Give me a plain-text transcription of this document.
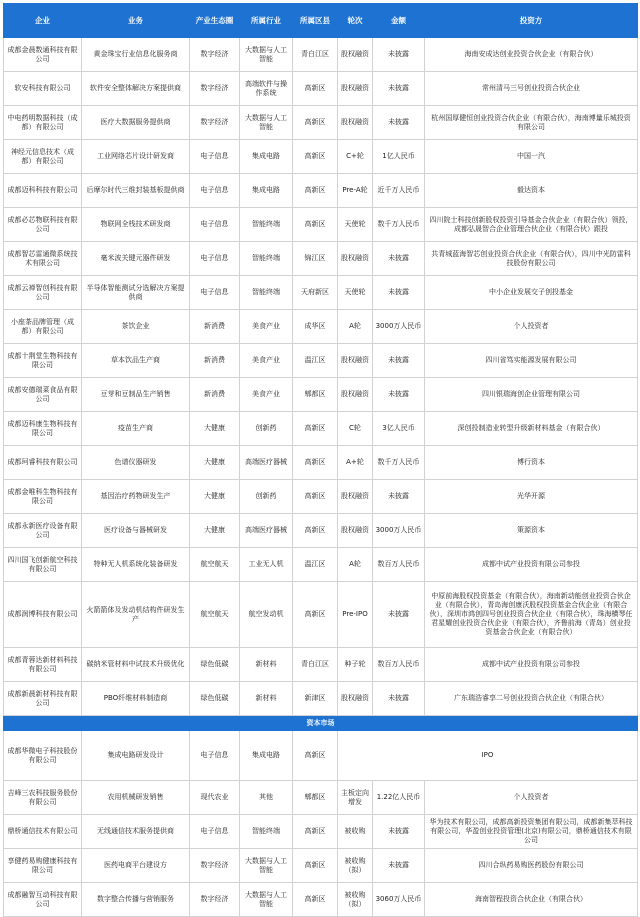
企业	业务	产业生态圈	所属行业	所属区县	轮次	金额	投资方
成都金晨数通科技有限公司	黄金珠宝行业信息化服务商	数字经济	大数据与人工智能	青白江区	股权融资	未披露	海南安成达创业投资合伙企业（有限合伙）
软安科技有限公司	软件安全整体解决方案提供商	数字经济	高端软件与操作系统	高新区	股权融资	未披露	常州清马三号创业投资合伙企业
中电药明数据科技（成都）有限公司	医疗大数据服务提供商	数字经济	大数据与人工智能	高新区	股权融资	未披露	杭州国厚健恒创业投资合伙企业（有限合伙），海南博量乐城投资有限公司
神经元信息技术（成都）有限公司	工业网络芯片设计研发商	电子信息	集成电路	高新区	C+轮	1亿人民币	中国一汽
成都迈科科技有限公司	后摩尔时代三维封装基板提供商	电子信息	集成电路	高新区	Pre-A轮	近千万人民币	毅达资本
成都必芯物联科技有限公司	物联网全栈技术研发商	电子信息	智能终端	高新区	天使轮	数千万人民币	四川院士科技创新股权投资引导基金合伙企业（有限合伙）领投，成都弘晟智合企业管理合伙企业（有限合伙）跟投
成都智芯雷通微系统技术有限公司	毫米波关键元器件研发	电子信息	智能终端	锦江区	股权融资	未披露	共青城蓝海智芯创业投资合伙企业（有限合伙），四川中光防雷科技股份有限公司
成都云禅智创科技有限公司	半导体智能测试分选解决方案提供商	电子信息	智能终端	天府新区	天使轮	未披露	中小企业发展交子创投基金
小座茶品牌管理（成都）有限公司	茶饮企业	新消费	美食产业	成华区	A轮	3000万人民币	个人投资者
成都十荆堂生物科技有限公司	草本饮品生产商	新消费	美食产业	温江区	股权融资	未披露	四川省笃实能源发展有限公司
成都安德瑞菜食品有限公司	豆芽和豆制品生产销售	新消费	美食产业	郫都区	股权融资	未披露	四川银瑞海创企业管理有限公司
成都迈科康生物科技有限公司	疫苗生产商	大健康	创新药	高新区	C轮	3亿人民币	深创投制造业转型升级新材料基金（有限合伙）
成都珂睿科技有限公司	色谱仪器研发	大健康	高端医疗器械	高新区	A+轮	数千万人民币	博行资本
成都金唯科生物科技有限公司	基因治疗药物研发生产	大健康	创新药	高新区	股权融资	未披露	光华开源
成都永新医疗设备有限公司	医疗设备与器械研发	大健康	高端医疗器械	高新区	股权融资	3000万人民币	策源资本
四川国飞创新航空科技有限公司	特种无人机系统化装备研发	航空航天	工业无人机	温江区	A轮	数百万人民币	成都中试产业投资有限公司参投
成都润博科技有限公司	火箭箭体及发动机结构件研发生产	航空航天	航空发动机	高新区	Pre-IPO	未披露	中原前海股权投资基金（有限合伙），海南新动能创业投资合伙企业（有限合伙），青岛海创康沃股权投资基金合伙企业（有限合伙），深圳市鸿创四号创业投资合伙企业（有限合伙），珠海横琴任君星耀创业投资合伙企业（有限合伙），齐鲁前海（青岛）创业投资基金合伙企业（有限合伙）
成都青蓉达新材料科技有限公司	碳纳米管材料中试技术升级优化	绿色低碳	新材料	青白江区	种子轮	数百万人民币	成都中试产业投资有限公司参投
成都新晨新材科技有限公司	PBO纤维材料制造商	绿色低碳	新材料	新津区	股权融资	未披露	广东瑞浩睿享二号创业投资合伙企业（有限合伙）
资本市场							
成都华微电子科技股份有限公司	集成电路研发设计	电子信息	集成电路	高新区	IPO		
吉峰三农科技服务股份有限公司	农用机械研发销售	现代农业	其他	郫都区	主板定向增发	1.22亿人民币	个人投资者
鼎桥通信技术有限公司	无线通信技术服务提供商	电子信息	智能终端	高新区	被收购	未披露	华为技术有限公司，成都高新投资集团有限公司，成都新集萃科技有限公司，华盈创业投资管理(北京)有限公司，鼎桥通信技术有限公司
享健药易购健康科技有限公司	医药电商平台建设方	数字经济	大数据与人工智能	高新区	被收购（拟）	未披露	四川合纵药易购医药股份有限公司
成都融智互动科技有限公司	数字整合传播与营销服务	数字经济	大数据与人工智能	高新区	被收购（拟）	3060万人民币	海南智程投资合伙企业（有限合伙）
